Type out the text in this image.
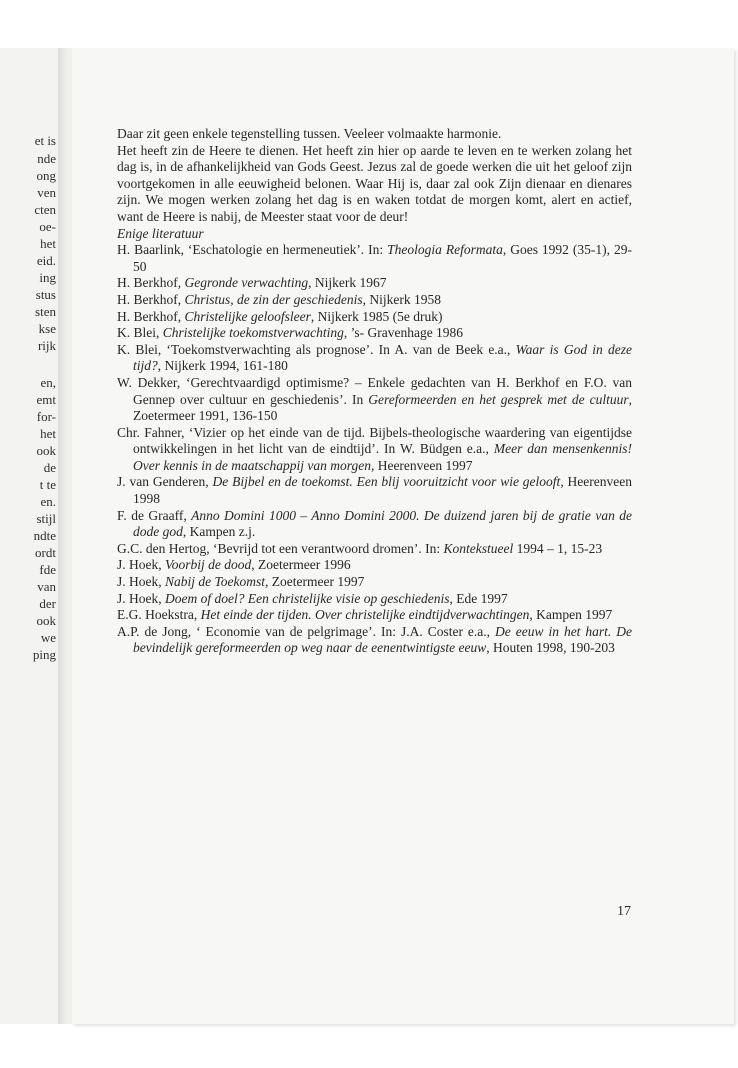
et is
nde
ong
ven
cten
oe-
het
eid.
ing
stus
sten
kse
rijk
en,
emt
for-
het
ook
de
t te
en.
stijl
ndte
ordt
fde
van
der
ook
we
ping

Daar zit geen enkele tegenstelling tussen. Veeleer volmaakte harmonie.
Het heeft zin de Heere te dienen. Het heeft zin hier op aarde te leven en te werken zolang het dag is, in de afhankelijkheid van Gods Geest. Jezus zal de goede werken die uit het geloof zijn voortgekomen in alle eeuwigheid belonen. Waar Hij is, daar zal ook Zijn dienaar en dienares zijn. We mogen werken zolang het dag is en waken totdat de morgen komt, alert en actief, want de Heere is nabij, de Meester staat voor de deur!

Enige literatuur

H. Baarlink, ‘Eschatologie en hermeneutiek’. In: Theologia Reformata, Goes 1992 (35-1), 29-50

H. Berkhof, Gegronde verwachting, Nijkerk 1967

H. Berkhof, Christus, de zin der geschiedenis, Nijkerk 1958

H. Berkhof, Christelijke geloofsleer, Nijkerk 1985 (5e druk)

K. Blei, Christelijke toekomstverwachting, ’s- Gravenhage 1986

K. Blei, ‘Toekomstverwachting als prognose’. In A. van de Beek e.a., Waar is God in deze tijd?, Nijkerk 1994, 161-180

W. Dekker, ‘Gerechtvaardigd optimisme? – Enkele gedachten van H. Berkhof en F.O. van Gennep over cultuur en geschiedenis’. In Gereformeerden en het gesprek met de cultuur, Zoetermeer 1991, 136-150

Chr. Fahner, ‘Vizier op het einde van de tijd. Bijbels-theologische waardering van eigentijdse ontwikkelingen in het licht van de eindtijd’. In W. Büdgen e.a., Meer dan mensenkennis! Over kennis in de maatschappij van morgen, Heerenveen 1997

J. van Genderen, De Bijbel en de toekomst. Een blij vooruitzicht voor wie gelooft, Heerenveen 1998

F. de Graaff, Anno Domini 1000 – Anno Domini 2000. De duizend jaren bij de gratie van de dode god, Kampen z.j.

G.C. den Hertog, ‘Bevrijd tot een verantwoord dromen’. In: Kontekstueel 1994 – 1, 15-23

J. Hoek, Voorbij de dood, Zoetermeer 1996

J. Hoek, Nabij de Toekomst, Zoetermeer 1997

J. Hoek, Doem of doel? Een christelijke visie op geschiedenis, Ede 1997

E.G. Hoekstra, Het einde der tijden. Over christelijke eindtijdverwachtingen, Kampen 1997

A.P. de Jong, ‘ Economie van de pelgrimage’. In: J.A. Coster e.a., De eeuw in het hart. De bevindelijk gereformeerden op weg naar de eenentwintigste eeuw, Houten 1998, 190-203

17
